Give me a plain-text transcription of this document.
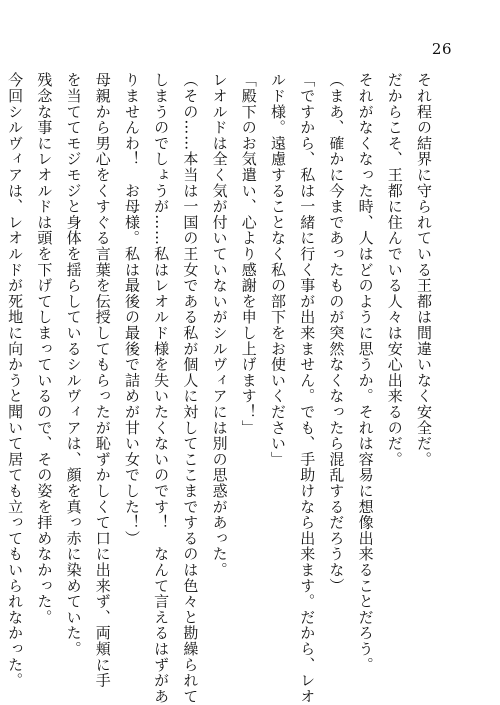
26
それ程の結界に守られている王都は間違いなく安全だ。
だからこそ、王都に住んでいる人々は安心出来るのだ。
それがなくなった時、人はどのように思うか。それは容易に想像出来ることだろう。
（まあ、確かに今まであったものが突然なくなったら混乱するだろうな）
「ですから、私は一緒に行く事が出来ません。でも、手助けなら出来ます。だから、レオ
ルド様。遠慮することなく私の部下をお使いください」
「殿下のお気遣い、心より感謝を申し上げます！」
レオルドは全く気が付いていないがシルヴィアには別の思惑があった。
（その……本当は一国の王女である私が個人に対してここまでするのは色々と勘繰られて
しまうのでしょうが……私はレオルド様を失いたくないのです！　なんて言えるはずがあ
りませんわ！　お母様。私は最後の最後で詰めが甘い女でした！）
母親から男心をくすぐる言葉を伝授してもらったが恥ずかしくて口に出来ず、両頬に手
を当ててモジモジと身体を揺らしているシルヴィアは、顔を真っ赤に染めていた。
残念な事にレオルドは頭を下げてしまっているので、その姿を拝めなかった。
今回シルヴィアは、レオルドが死地に向かうと聞いて居ても立ってもいられなかった。
